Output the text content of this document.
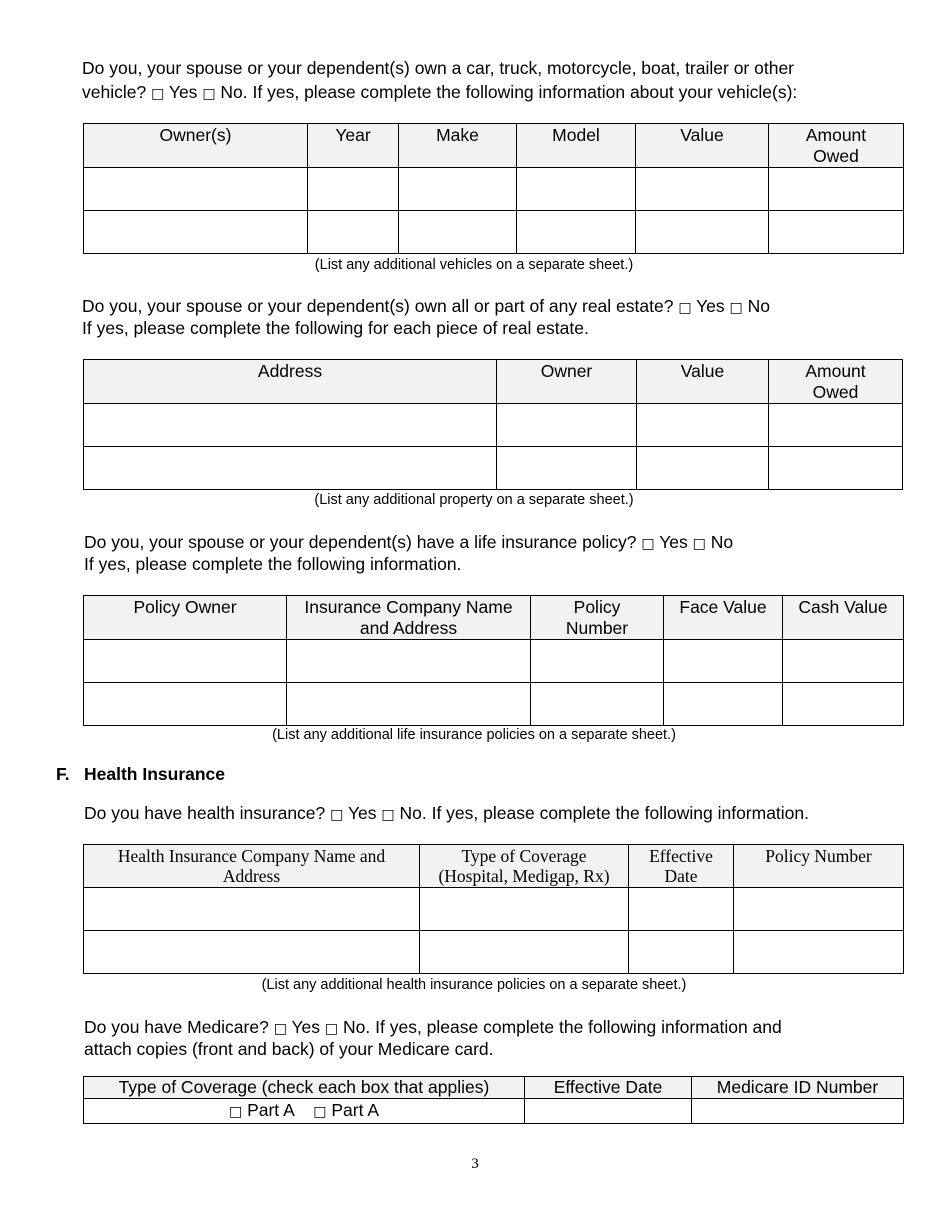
Do you, your spouse or your dependent(s) own a car, truck, motorcycle, boat, trailer or other
vehicle? □ Yes □ No. If yes, please complete the following information about your vehicle(s):
Owner(s)	Year	Make	Model	Value	Amount Owed

(List any additional vehicles on a separate sheet.)
Do you, your spouse or your dependent(s) own all or part of any real estate? □ Yes □ No
If yes, please complete the following for each piece of real estate.
Address	Owner	Value	Amount Owed

(List any additional property on a separate sheet.)
Do you, your spouse or your dependent(s) have a life insurance policy? □ Yes □ No
If yes, please complete the following information.
Policy Owner	Insurance Company Name and Address	Policy Number	Face Value	Cash Value

(List any additional life insurance policies on a separate sheet.)
F. Health Insurance
Do you have health insurance? □ Yes □ No. If yes, please complete the following information.
Health Insurance Company Name and Address	Type of Coverage (Hospital, Medigap, Rx)	Effective Date	Policy Number

(List any additional health insurance policies on a separate sheet.)
Do you have Medicare? □ Yes □ No. If yes, please complete the following information and
attach copies (front and back) of your Medicare card.
Type of Coverage (check each box that applies)	Effective Date	Medicare ID Number
□ Part A □ Part A		
3
